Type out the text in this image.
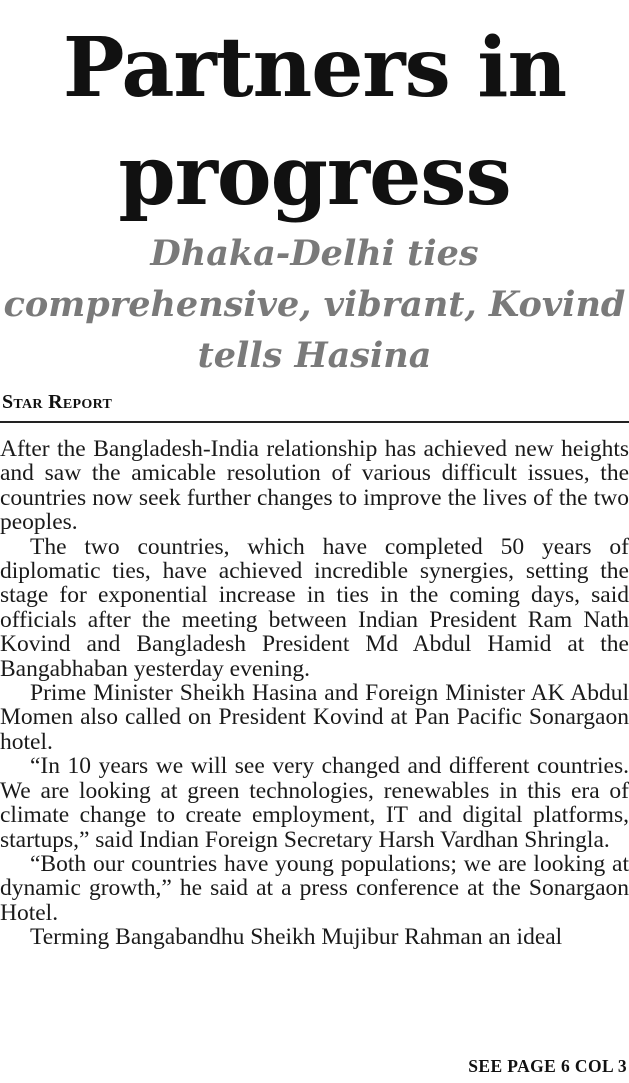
Partners in progress
Dhaka-Delhi ties comprehensive, vibrant, Kovind tells Hasina
Star Report

After the Bangladesh-India relationship has achieved new heights and saw the amicable resolution of various difficult issues, the countries now seek further changes to improve the lives of the two peoples.

The two countries, which have completed 50 years of diplomatic ties, have achieved incredible synergies, setting the stage for exponential increase in ties in the coming days, said officials after the meeting between Indian President Ram Nath Kovind and Bangladesh President Md Abdul Hamid at the Bangabhaban yesterday evening.

Prime Minister Sheikh Hasina and Foreign Minister AK Abdul Momen also called on President Kovind at Pan Pacific Sonargaon hotel.

“In 10 years we will see very changed and different countries. We are looking at green technologies, renewables in this era of climate change to create employment, IT and digital platforms, startups,” said Indian Foreign Secretary Harsh Vardhan Shringla.

“Both our countries have young populations; we are looking at dynamic growth,” he said at a press conference at the Sonargaon Hotel.

Terming Bangabandhu Sheikh Mujibur Rahman an ideal

SEE PAGE 6 COL 3
